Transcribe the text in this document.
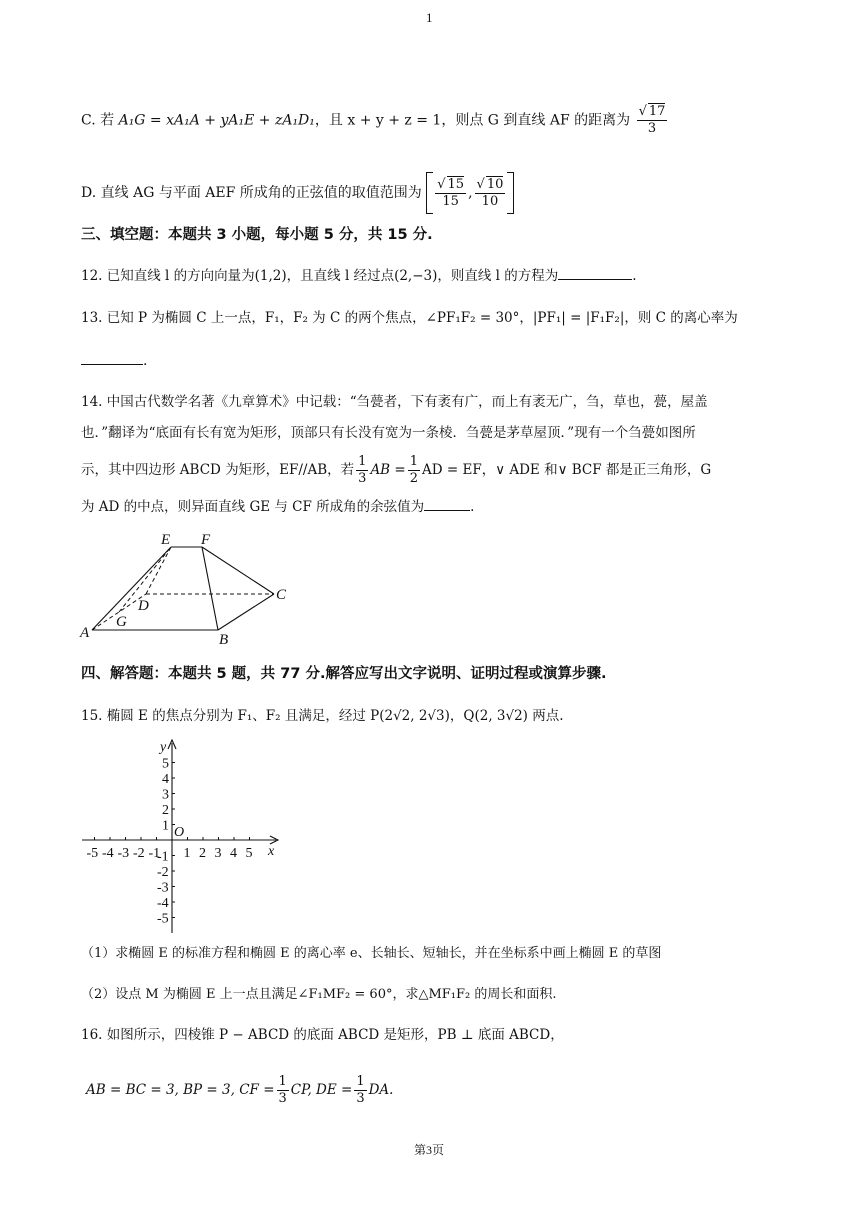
1
C. 若 A₁G = xA₁A + yA₁E + zA₁D₁，且 x + y + z = 1，则点 G 到直线 AF 的距离为 $\frac{√ 17}{3}$
D. 直线 AG 与平面 AEF 所成角的正弦值的取值范围为 $\frac{√ 15}{15}$ , $\frac{√ 10}{10}$
三、填空题：本题共 3 小题，每小题 5 分，共 15 分.
12. 已知直线 l 的方向向量为(1,2)，且直线 l 经过点(2,−3)，则直线 l 的方程为	.
13. 已知 P 为椭圆 C 上一点，F₁，F₂ 为 C 的两个焦点，∠PF₁F₂ = 30°，|PF₁| = |F₁F₂|，则 C 的离心率为
.
14. 中国古代数学名著《九章算术》中记载：“刍甍者，下有袤有广，而上有袤无广，刍，草也，甍，屋盖
也．”翻译为“底面有长有宽为矩形，顶部只有长没有宽为一条棱．刍甍是茅草屋顶．”现有一个刍甍如图所
示，其中四边形 ABCD 为矩形，EF//AB，若 $\frac{1}{3}$ AB = $\frac{1}{2}$ AD = EF，∨ ADE 和∨ BCF 都是正三角形，G
为 AD 的中点，则异面直线 GE 与 CF 所成角的余弦值为	.
E F
D
C
A
G
B
四、解答题：本题共 5 题，共 77 分.解答应写出文字说明、证明过程或演算步骤.
15. 椭圆 E 的焦点分别为 F₁、F₂ 且满足，经过 P(2√2, 2√3)，Q(2, 3√2) 两点.
-5 -4 -3 -2 -1 1 2 3 4 5
5
4
3
2
1
-1
-2
-3
-4
-5
x
y
O
（1）求椭圆 E 的标准方程和椭圆 E 的离心率 e、长轴长、短轴长，并在坐标系中画上椭圆 E 的草图
（2）设点 M 为椭圆 E 上一点且满足∠F₁MF₂ = 60°，求△MF₁F₂ 的周长和面积.
16. 如图所示，四棱锥 P − ABCD 的底面 ABCD 是矩形，PB ⊥ 底面 ABCD，
AB = BC = 3, BP = 3, CF = $\frac{1}{3}$ CP, DE = $\frac{1}{3}$ DA.
第3页
